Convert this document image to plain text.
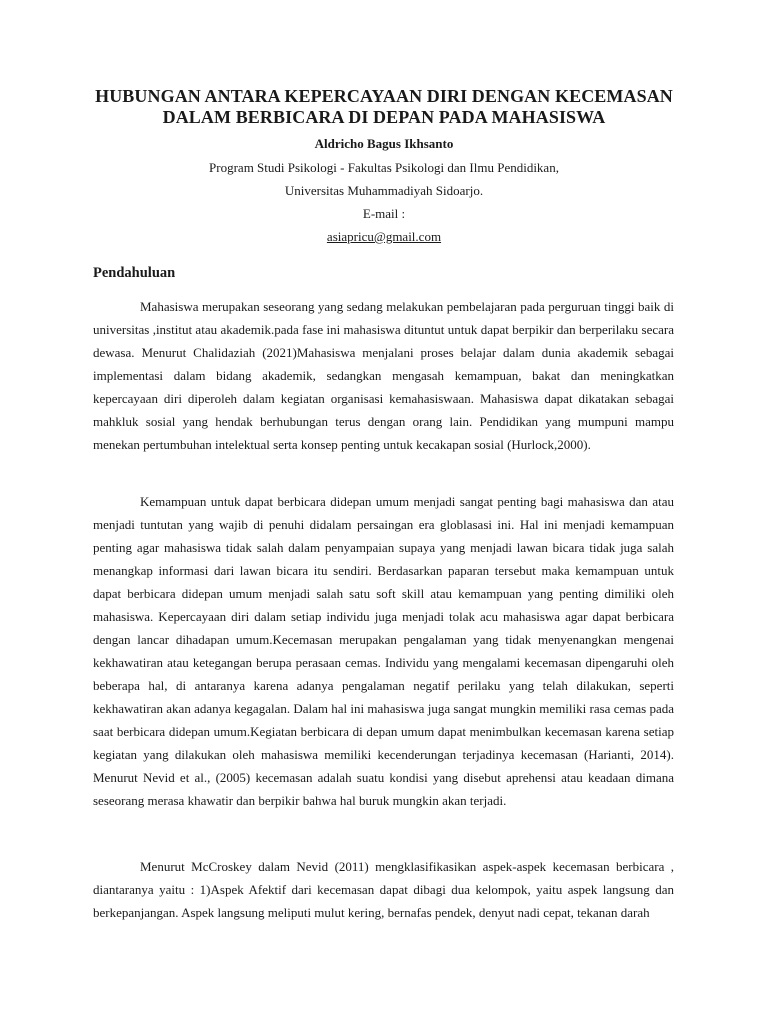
HUBUNGAN ANTARA KEPERCAYAAN DIRI DENGAN KECEMASAN
DALAM BERBICARA DI DEPAN PADA MAHASISWA

Aldricho Bagus Ikhsanto

Program Studi Psikologi - Fakultas Psikologi dan Ilmu Pendidikan,

Universitas Muhammadiyah Sidoarjo.

E-mail :

asiapricu@gmail.com

Pendahuluan

Mahasiswa merupakan seseorang yang sedang melakukan pembelajaran pada perguruan tinggi baik di universitas ,institut atau akademik.pada fase ini mahasiswa dituntut untuk dapat berpikir dan berperilaku secara dewasa. Menurut Chalidaziah (2021)Mahasiswa menjalani proses belajar dalam dunia akademik sebagai implementasi dalam bidang akademik, sedangkan mengasah kemampuan, bakat dan meningkatkan kepercayaan diri diperoleh dalam kegiatan organisasi kemahasiswaan. Mahasiswa dapat dikatakan sebagai mahkluk sosial yang hendak berhubungan terus dengan orang lain. Pendidikan yang mumpuni mampu menekan pertumbuhan intelektual serta konsep penting untuk kecakapan sosial (Hurlock,2000).

Kemampuan untuk dapat berbicara didepan umum menjadi sangat penting bagi mahasiswa dan atau menjadi tuntutan yang wajib di penuhi didalam persaingan era globlasasi ini. Hal ini menjadi kemampuan penting agar mahasiswa tidak salah dalam penyampaian supaya yang menjadi lawan bicara tidak juga salah menangkap informasi dari lawan bicara itu sendiri. Berdasarkan paparan tersebut maka kemampuan untuk dapat berbicara didepan umum menjadi salah satu soft skill atau kemampuan yang penting dimiliki oleh mahasiswa. Kepercayaan diri dalam setiap individu juga menjadi tolak acu mahasiswa agar dapat berbicara dengan lancar dihadapan umum.Kecemasan merupakan pengalaman yang tidak menyenangkan mengenai kekhawatiran atau ketegangan berupa perasaan cemas. Individu yang mengalami kecemasan dipengaruhi oleh beberapa hal, di antaranya karena adanya pengalaman negatif perilaku yang telah dilakukan, seperti kekhawatiran akan adanya kegagalan. Dalam hal ini mahasiswa juga sangat mungkin memiliki rasa cemas pada saat berbicara didepan umum.Kegiatan berbicara di depan umum dapat menimbulkan kecemasan karena setiap kegiatan yang dilakukan oleh mahasiswa memiliki kecenderungan terjadinya kecemasan (Harianti, 2014). Menurut Nevid et al., (2005) kecemasan adalah suatu kondisi yang disebut aprehensi atau keadaan dimana seseorang merasa khawatir dan berpikir bahwa hal buruk mungkin akan terjadi.

Menurut McCroskey dalam Nevid (2011) mengklasifikasikan aspek-aspek kecemasan berbicara , diantaranya yaitu : 1)Aspek Afektif dari kecemasan dapat dibagi dua kelompok, yaitu aspek langsung dan berkepanjangan. Aspek langsung meliputi mulut kering, bernafas pendek, denyut nadi cepat, tekanan darah
